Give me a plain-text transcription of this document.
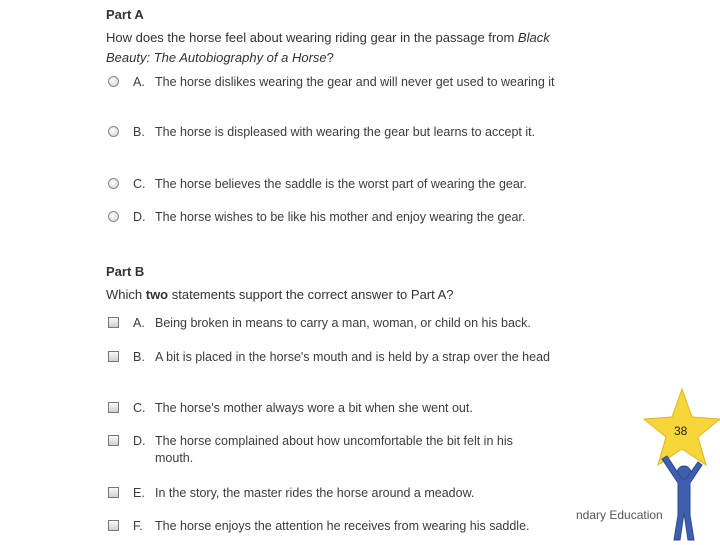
Part A
How does the horse feel about wearing riding gear in the passage from Black Beauty: The Autobiography of a Horse?
A. The horse dislikes wearing the gear and will never get used to wearing it
B. The horse is displeased with wearing the gear but learns to accept it.
C. The horse believes the saddle is the worst part of wearing the gear.
D. The horse wishes to be like his mother and enjoy wearing the gear.
Part B
Which two statements support the correct answer to Part A?
A. Being broken in means to carry a man, woman, or child on his back.
B. A bit is placed in the horse's mouth and is held by a strap over the head
C. The horse's mother always wore a bit when she went out.
D. The horse complained about how uncomfortable the bit felt in his mouth.
E. In the story, the master rides the horse around a meadow.
F. The horse enjoys the attention he receives from wearing his saddle.
ndary Education
38
